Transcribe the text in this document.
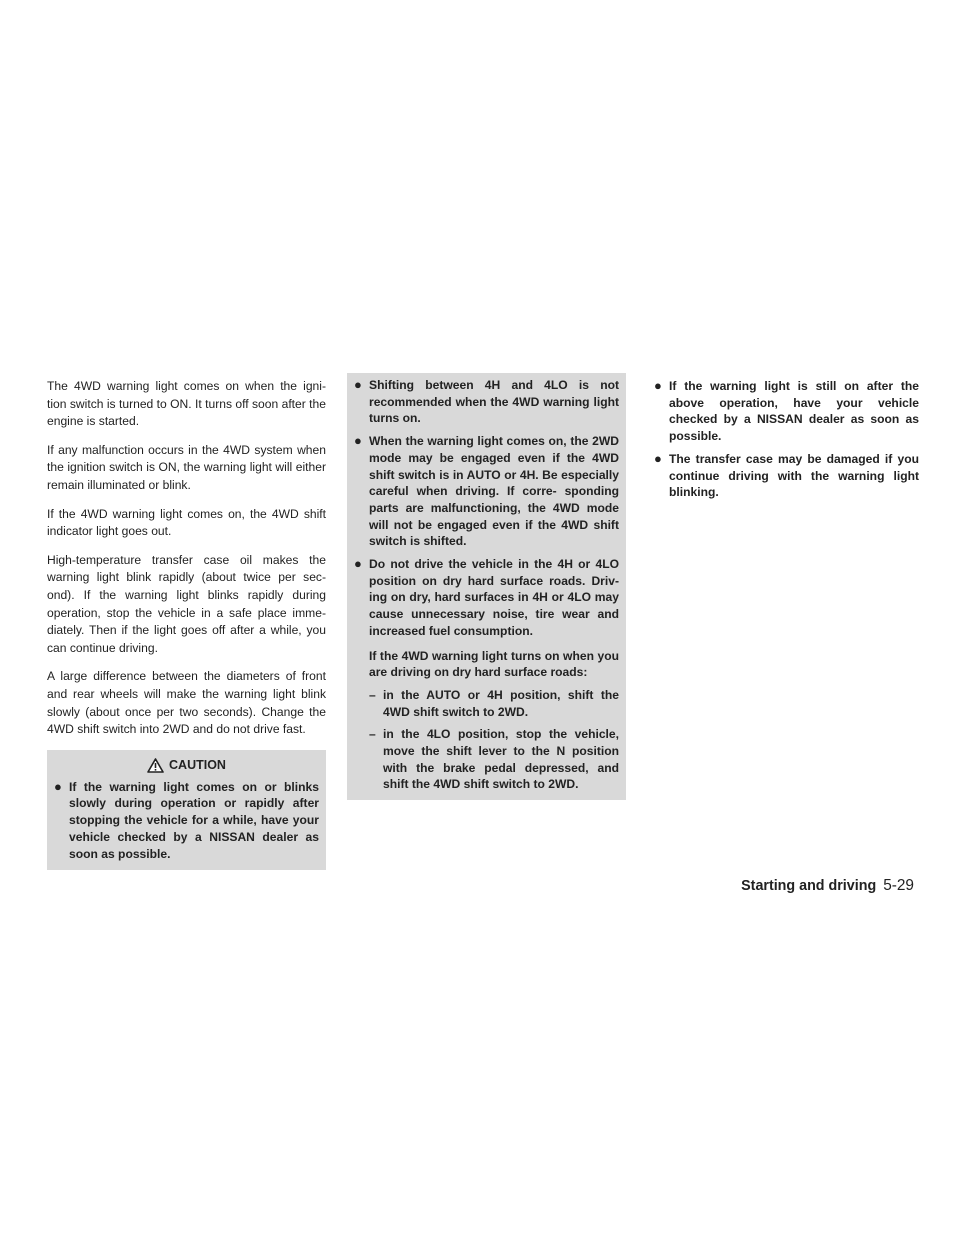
The 4WD warning light comes on when the igni- tion switch is turned to ON. It turns off soon after the engine is started.

If any malfunction occurs in the 4WD system when the ignition switch is ON, the warning light will either remain illuminated or blink.

If the 4WD warning light comes on, the 4WD shift indicator light goes out.

High-temperature transfer case oil makes the warning light blink rapidly (about twice per sec- ond). If the warning light blinks rapidly during operation, stop the vehicle in a safe place imme- diately. Then if the light goes off after a while, you can continue driving.

A large difference between the diameters of front and rear wheels will make the warning light blink slowly (about once per two seconds). Change the 4WD shift switch into 2WD and do not drive fast.

CAUTION
● If the warning light comes on or blinks slowly during operation or rapidly after stopping the vehicle for a while, have your vehicle checked by a NISSAN dealer as soon as possible.
● Shifting between 4H and 4LO is not recommended when the 4WD warning light turns on.
● When the warning light comes on, the 2WD mode may be engaged even if the 4WD shift switch is in AUTO or 4H. Be especially careful when driving. If corre- sponding parts are malfunctioning, the 4WD mode will not be engaged even if the 4WD shift switch is shifted.
● Do not drive the vehicle in the 4H or 4LO position on dry hard surface roads. Driv- ing on dry, hard surfaces in 4H or 4LO may cause unnecessary noise, tire wear and increased fuel consumption.

If the 4WD warning light turns on when you are driving on dry hard surface roads:

– in the AUTO or 4H position, shift the 4WD shift switch to 2WD.
– in the 4LO position, stop the vehicle, move the shift lever to the N position with the brake pedal depressed, and shift the 4WD shift switch to 2WD.
● If the warning light is still on after the above operation, have your vehicle checked by a NISSAN dealer as soon as possible.
● The transfer case may be damaged if you continue driving with the warning light blinking.
Starting and driving 5-29
